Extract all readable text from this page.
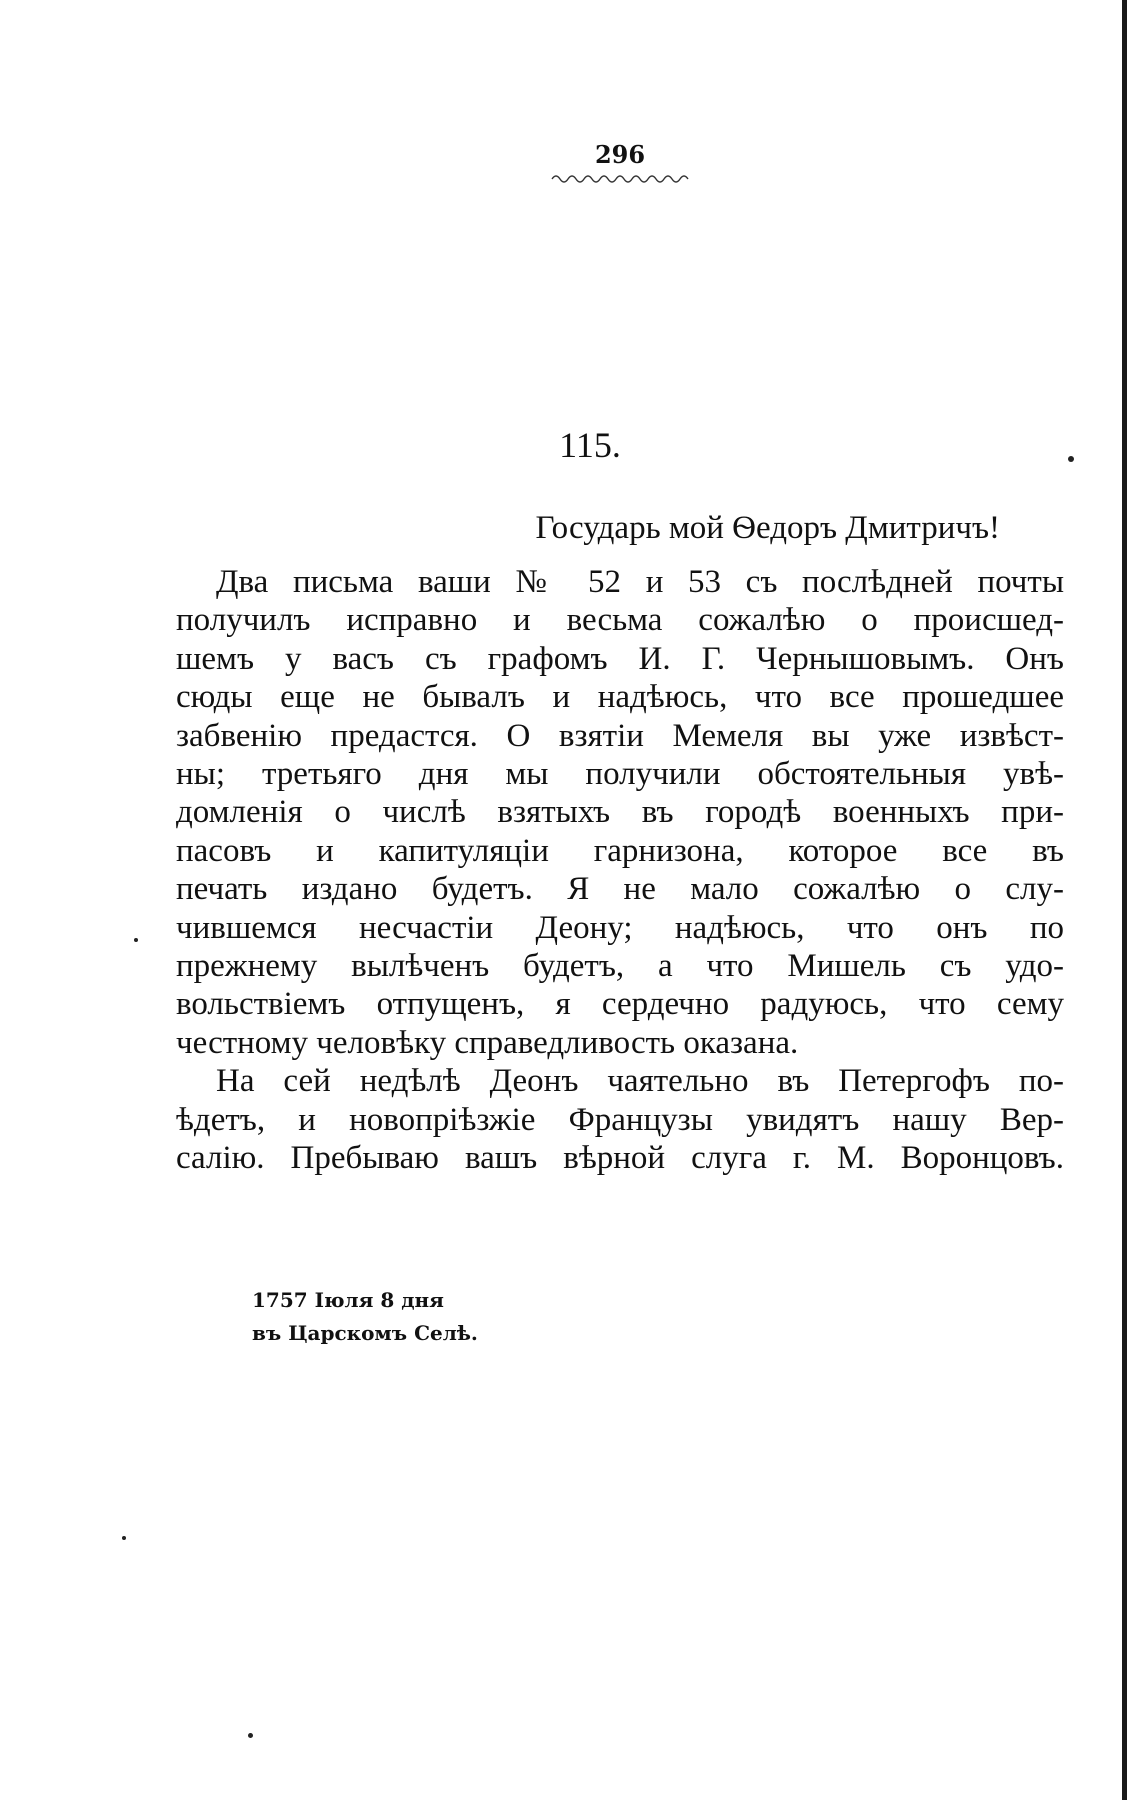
296
115.
Государь мой Ѳедоръ Дмитричъ!
Два письма ваши № 52 и 53 съ послѣдней почты
получилъ исправно и весьма сожалѣю о происшед-
шемъ у васъ съ графомъ И. Г. Чернышовымъ. Онъ
сюды еще не бывалъ и надѣюсь, что все прошедшее
забвенію предастся. О взятіи Мемеля вы уже извѣст-
ны; третьяго дня мы получили обстоятельныя увѣ-
домленія о числѣ взятыхъ въ городѣ военныхъ при-
пасовъ и капитуляціи гарнизона, которое все въ
печать издано будетъ. Я не мало сожалѣю о слу-
чившемся несчастіи Деону; надѣюсь, что онъ по
прежнему вылѣченъ будетъ, а что Мишель съ удо-
вольствіемъ отпущенъ, я сердечно радуюсь, что сему
честному человѣку справедливость оказана.
На сей недѣлѣ Деонъ чаятельно въ Петергофъ по-
ѣдетъ, и новопріѣзжіе Французы увидятъ нашу Вер-
салію. Пребываю вашъ вѣрной слуга г. М. Воронцовъ.
1757 Іюля 8 дня
въ Царскомъ Селѣ.
